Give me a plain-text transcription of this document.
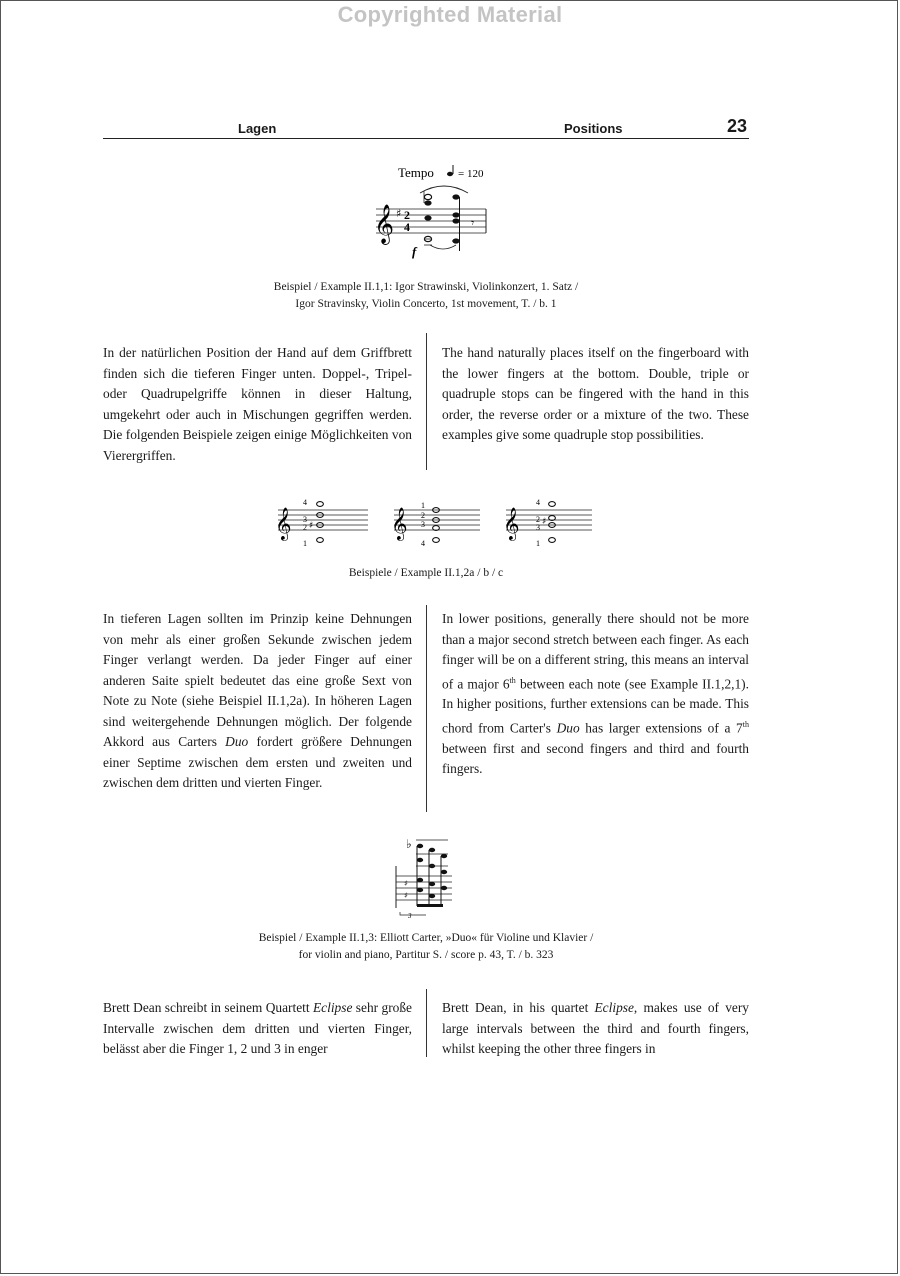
Copyrighted Material
Lagen	Positions	23
Tempo = 120
𝄞 ♯ 2
4	𝄾
f
Beispiel / Example II.1,1: Igor Strawinski, Violinkonzert, 1. Satz /
Igor Stravinsky, Violin Concerto, 1st movement, T. / b. 1

In der natürlichen Position der Hand auf dem Griffbrett finden sich die tieferen Finger unten. Doppel-, Tripel- oder Quadrupelgriffe können in dieser Haltung, umgekehrt oder auch in Mischungen gegriffen werden. Die folgenden Beispiele zeigen einige Möglichkeiten von Vierergriffen.

The hand naturally places itself on the fingerboard with the lower fingers at the bottom. Double, triple or quadruple stops can be fingered with the hand in this order, the reverse order or a mixture of the two. These examples give some quadruple stop possibilities.

𝄞
4
3
2
1
♯	𝄞
1
2
3
4
𝄞
4
2
3
1
♯
Beispiele / Example II.1,2a / b / c

In tieferen Lagen sollten im Prinzip keine Dehnungen von mehr als einer großen Sekunde zwischen jedem Finger verlangt werden. Da jeder Finger auf einer anderen Saite spielt bedeutet das eine große Sext von Note zu Note (siehe Beispiel II.1,2a). In höheren Lagen sind weitergehende Dehnungen möglich. Der folgende Akkord aus Carters Duo fordert größere Dehnungen einer Septime zwischen dem ersten und zweiten und zwischen dem dritten und vierten Finger.

In lower positions, generally there should not be more than a major second stretch between each finger. As each finger will be on a different string, this means an interval of a major 6th between each note (see Example II.1,2,1). In higher positions, further extensions can be made. This chord from Carter's Duo has larger extensions of a 7th between first and second fingers and third and fourth fingers.

♭
♯
♯
3
Beispiel / Example II.1,3: Elliott Carter, »Duo« für Violine und Klavier /
for violin and piano, Partitur S. / score p. 43, T. / b. 323

Brett Dean schreibt in seinem Quartett Eclipse sehr große Intervalle zwischen dem dritten und vierten Finger, belässt aber die Finger 1, 2 und 3 in enger

Brett Dean, in his quartet Eclipse, makes use of very large intervals between the third and fourth fingers, whilst keeping the other three fingers in
